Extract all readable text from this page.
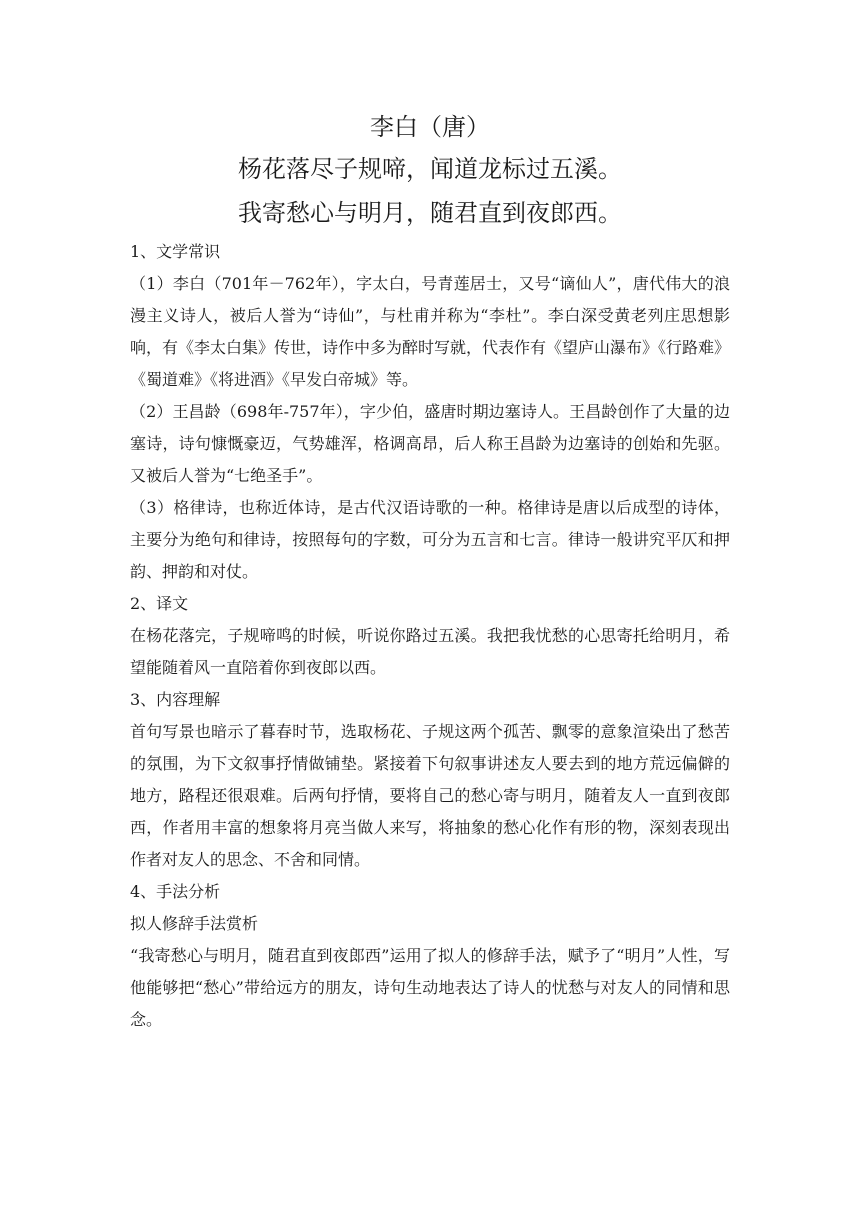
李白（唐）

杨花落尽子规啼，闻道龙标过五溪。

我寄愁心与明月，随君直到夜郎西。

1、文学常识

（1）李白（701年－762年），字太白，号青莲居士，又号“谪仙人”，唐代伟大的浪漫主义诗人，被后人誉为“诗仙”，与杜甫并称为“李杜”。李白深受黄老列庄思想影响，有《李太白集》传世，诗作中多为醉时写就，代表作有《望庐山瀑布》《行路难》《蜀道难》《将进酒》《早发白帝城》等。

（2）王昌龄（698年-757年），字少伯，盛唐时期边塞诗人。王昌龄创作了大量的边塞诗，诗句慷慨豪迈，气势雄浑，格调高昂，后人称王昌龄为边塞诗的创始和先驱。又被后人誉为“七绝圣手”。

（3）格律诗，也称近体诗，是古代汉语诗歌的一种。格律诗是唐以后成型的诗体，主要分为绝句和律诗，按照每句的字数，可分为五言和七言。律诗一般讲究平仄和押韵、押韵和对仗。

2、译文

在杨花落完，子规啼鸣的时候，听说你路过五溪。我把我忧愁的心思寄托给明月，希望能随着风一直陪着你到夜郎以西。

3、内容理解

首句写景也暗示了暮春时节，选取杨花、子规这两个孤苦、飘零的意象渲染出了愁苦的氛围，为下文叙事抒情做铺垫。紧接着下句叙事讲述友人要去到的地方荒远偏僻的地方，路程还很艰难。后两句抒情，要将自己的愁心寄与明月，随着友人一直到夜郎西，作者用丰富的想象将月亮当做人来写，将抽象的愁心化作有形的物，深刻表现出作者对友人的思念、不舍和同情。

4、手法分析

拟人修辞手法赏析

“我寄愁心与明月，随君直到夜郎西”运用了拟人的修辞手法，赋予了“明月”人性，写他能够把“愁心”带给远方的朋友，诗句生动地表达了诗人的忧愁与对友人的同情和思念。
